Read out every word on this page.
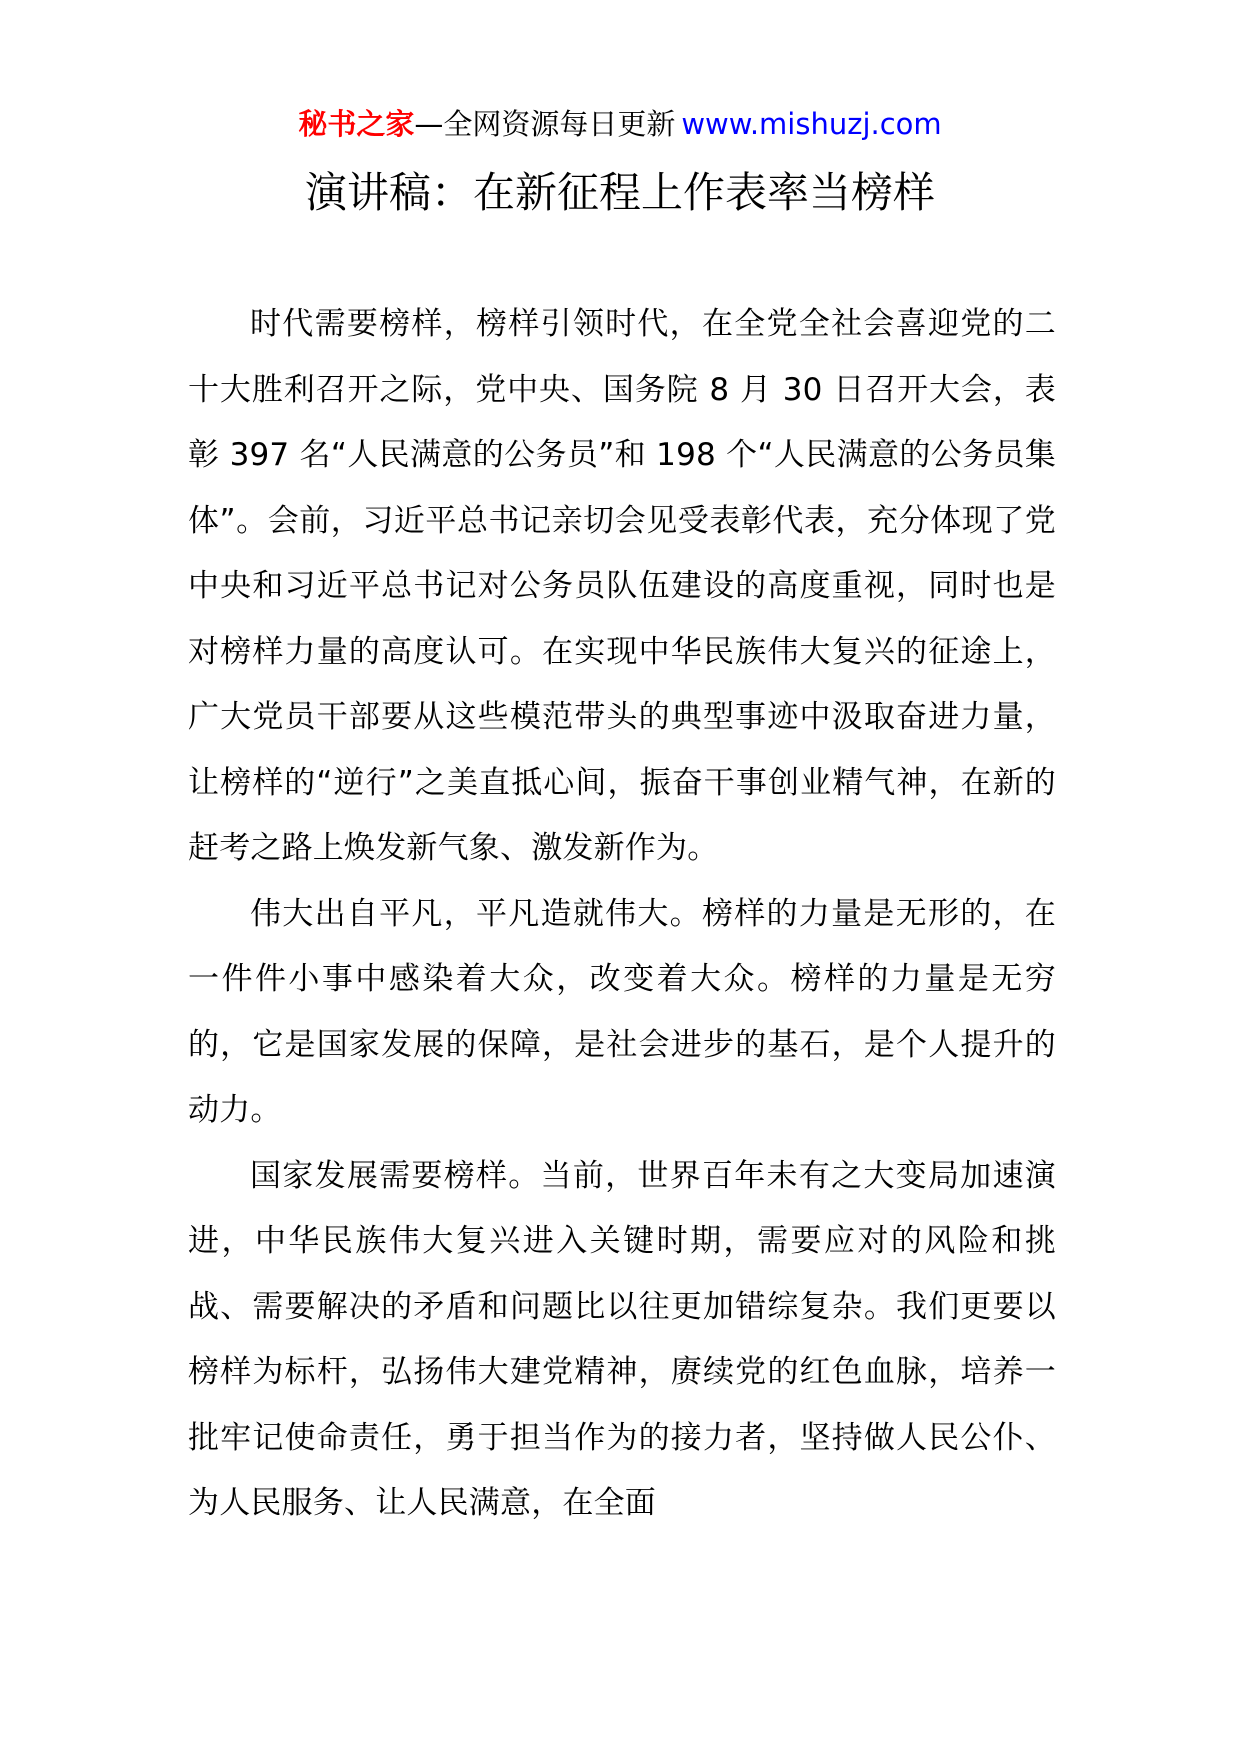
秘书之家—全网资源每日更新 www.mishuzj.com
演讲稿：在新征程上作表率当榜样

时代需要榜样，榜样引领时代，在全党全社会喜迎党的二十大胜利召开之际，党中央、国务院 8 月 30 日召开大会，表彰 397 名“人民满意的公务员”和 198 个“人民满意的公务员集体”。会前，习近平总书记亲切会见受表彰代表，充分体现了党中央和习近平总书记对公务员队伍建设的高度重视，同时也是对榜样力量的高度认可。在实现中华民族伟大复兴的征途上，广大党员干部要从这些模范带头的典型事迹中汲取奋进力量，让榜样的“逆行”之美直抵心间，振奋干事创业精气神，在新的赶考之路上焕发新气象、激发新作为。

伟大出自平凡，平凡造就伟大。榜样的力量是无形的，在一件件小事中感染着大众，改变着大众。榜样的力量是无穷的，它是国家发展的保障，是社会进步的基石，是个人提升的动力。

国家发展需要榜样。当前，世界百年未有之大变局加速演进，中华民族伟大复兴进入关键时期，需要应对的风险和挑战、需要解决的矛盾和问题比以往更加错综复杂。我们更要以榜样为标杆，弘扬伟大建党精神，赓续党的红色血脉，培养一批牢记使命责任，勇于担当作为的接力者，坚持做人民公仆、为人民服务、让人民满意，在全面
